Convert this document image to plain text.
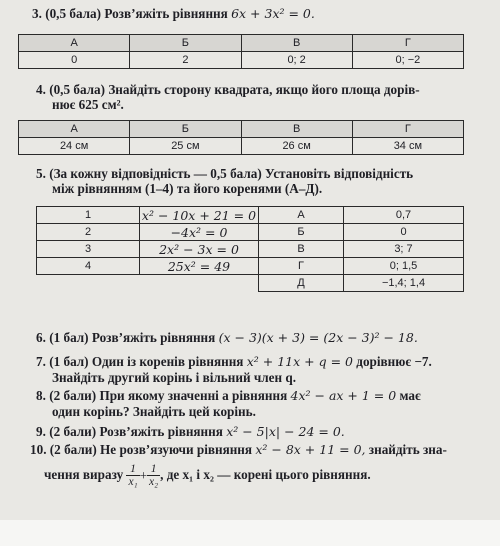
3. (0,5 бала) Розв’яжіть рівняння 6x + 3x² = 0.
А	Б	В	Г
0	2	0; 2	0; −2
4. (0,5 бала) Знайдіть сторону квадрата, якщо його площа дорів-
нює 625 см².
А	Б	В	Г
24 см	25 см	26 см	34 см
5. (За кожну відповідність — 0,5 бала) Установіть відповідність
між рівнянням (1–4) та його коренями (А–Д).
1	x² − 10x + 21 = 0	А	0,7
2	−4x² = 0	Б	0
3	2x² − 3x = 0	В	3; 7
4	25x² = 49	Г	0; 1,5
		Д	−1,4; 1,4
6. (1 бал) Розв’яжіть рівняння (x − 3)(x + 3) = (2x − 3)² − 18.
7. (1 бал) Один із коренів рівняння x² + 11x + q = 0 дорівнює −7.
Знайдіть другий корінь і вільний член q.
8. (2 бали) При якому значенні a рівняння 4x² − ax + 1 = 0 має
один корінь? Знайдіть цей корінь.
9. (2 бали) Розв’яжіть рівняння x² − 5|x| − 24 = 0.
10. (2 бали) Не розв’язуючи рівняння x² − 8x + 11 = 0, знайдіть зна-
чення виразу $\frac{1}{\text{x₁}} + \frac{1}{\text{x₂}}$ , де x₁ і x₂ — корені цього рівняння.
